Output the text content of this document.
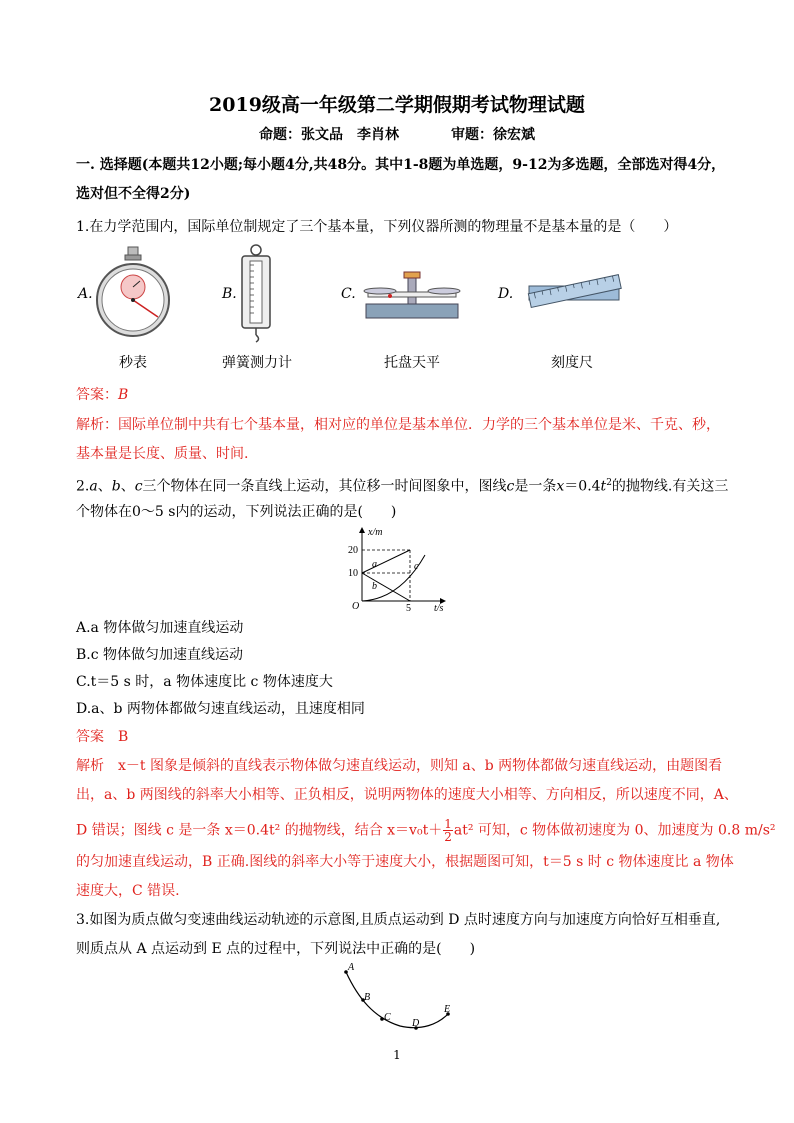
2019级高一年级第二学期假期考试物理试题
命题：张文品　李肖林	审题：徐宏斌
一. 选择题(本题共12小题;每小题4分,共48分。其中1-8题为单选题，9-12为多选题，全部选对得4分，
选对但不全得2分)
1.在力学范围内，国际单位制规定了三个基本量，下列仪器所测的物理量不是基本量的是（　　）
A.
秒表
B.
弹簧测力计
C.
托盘天平
D.
刻度尺
答案：B
解析：国际单位制中共有七个基本量，相对应的单位是基本单位．力学的三个基本单位是米、千克、秒，
基本量是长度、质量、时间.
2.a、b、c三个物体在同一条直线上运动，其位移一时间图象中，图线c是一条$x=0.4t^2$的抛物线.有关这三
个物体在0～5 s内的运动，下列说法正确的是(　　)
x/m
t/s
O
20
10
5
a
b
c
A.a 物体做匀加速直线运动
B.c 物体做匀加速直线运动
C.t＝5 s 时，a 物体速度比 c 物体速度大
D.a、b 两物体都做匀速直线运动，且速度相同
答案　B
解析　x－t 图象是倾斜的直线表示物体做匀速直线运动，则知 a、b 两物体都做匀速直线运动，由题图看
出，a、b 两图线的斜率大小相等、正负相反，说明两物体的速度大小相等、方向相反，所以速度不同，A、
D 错误；图线 c 是一条 x＝0.4t² 的抛物线，结合 $x=v_0t+ \frac{1}{2} at^2$ 可知，c 物体做初速度为 0、加速度为 0.8 m/s²
的匀加速直线运动，B 正确.图线的斜率大小等于速度大小，根据题图可知，t＝5 s 时 c 物体速度比 a 物体
速度大，C 错误.
3.如图为质点做匀变速曲线运动轨迹的示意图,且质点运动到 D 点时速度方向与加速度方向恰好互相垂直,
则质点从 A 点运动到 E 点的过程中，下列说法中正确的是(　　)
A
B
C
D
E
1
